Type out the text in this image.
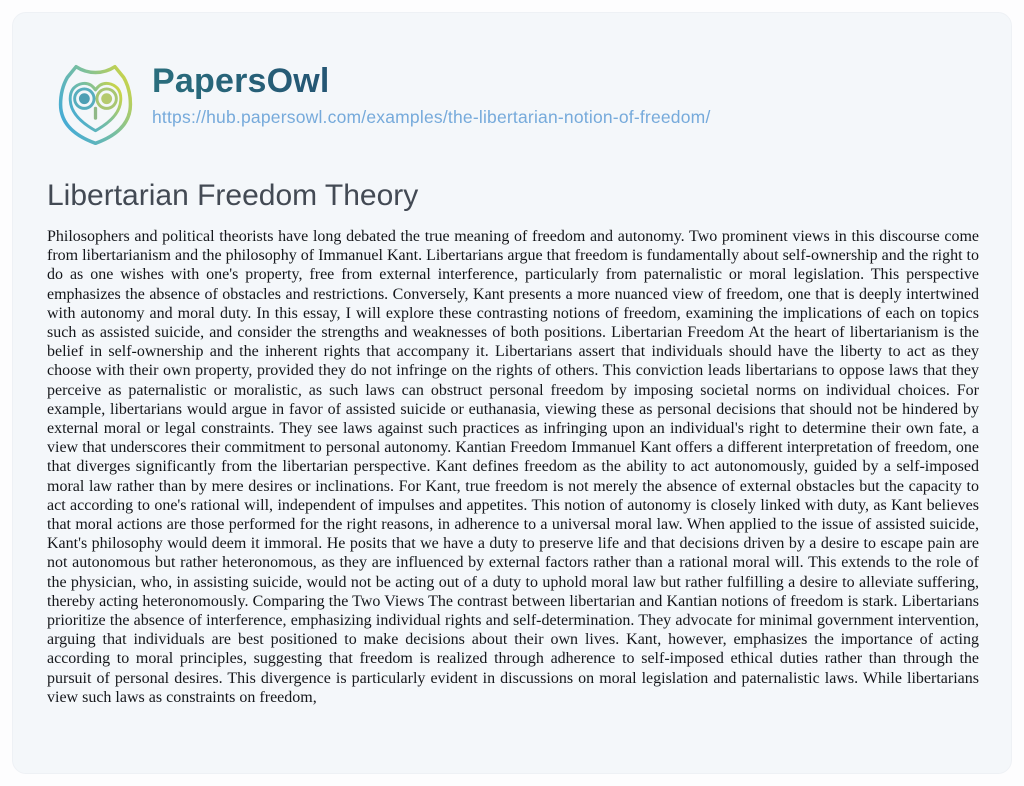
PapersOwl
https://hub.papersowl.com/examples/the-libertarian-notion-of-freedom/
Libertarian Freedom Theory

Philosophers and political theorists have long debated the true meaning of freedom and autonomy. Two prominent views in this discourse come from libertarianism and the philosophy of Immanuel Kant. Libertarians argue that freedom is fundamentally about self-ownership and the right to do as one wishes with one's property, free from external interference, particularly from paternalistic or moral legislation. This perspective emphasizes the absence of obstacles and restrictions. Conversely, Kant presents a more nuanced view of freedom, one that is deeply intertwined with autonomy and moral duty. In this essay, I will explore these contrasting notions of freedom, examining the implications of each on topics such as assisted suicide, and consider the strengths and weaknesses of both positions. Libertarian Freedom At the heart of libertarianism is the belief in self-ownership and the inherent rights that accompany it. Libertarians assert that individuals should have the liberty to act as they choose with their own property, provided they do not infringe on the rights of others. This conviction leads libertarians to oppose laws that they perceive as paternalistic or moralistic, as such laws can obstruct personal freedom by imposing societal norms on individual choices. For example, libertarians would argue in favor of assisted suicide or euthanasia, viewing these as personal decisions that should not be hindered by external moral or legal constraints. They see laws against such practices as infringing upon an individual's right to determine their own fate, a view that underscores their commitment to personal autonomy. Kantian Freedom Immanuel Kant offers a different interpretation of freedom, one that diverges significantly from the libertarian perspective. Kant defines freedom as the ability to act autonomously, guided by a self-imposed moral law rather than by mere desires or inclinations. For Kant, true freedom is not merely the absence of external obstacles but the capacity to act according to one's rational will, independent of impulses and appetites. This notion of autonomy is closely linked with duty, as Kant believes that moral actions are those performed for the right reasons, in adherence to a universal moral law. When applied to the issue of assisted suicide, Kant's philosophy would deem it immoral. He posits that we have a duty to preserve life and that decisions driven by a desire to escape pain are not autonomous but rather heteronomous, as they are influenced by external factors rather than a rational moral will. This extends to the role of the physician, who, in assisting suicide, would not be acting out of a duty to uphold moral law but rather fulfilling a desire to alleviate suffering, thereby acting heteronomously. Comparing the Two Views The contrast between libertarian and Kantian notions of freedom is stark. Libertarians prioritize the absence of interference, emphasizing individual rights and self-determination. They advocate for minimal government intervention, arguing that individuals are best positioned to make decisions about their own lives. Kant, however, emphasizes the importance of acting according to moral principles, suggesting that freedom is realized through adherence to self-imposed ethical duties rather than through the pursuit of personal desires. This divergence is particularly evident in discussions on moral legislation and paternalistic laws. While libertarians view such laws as constraints on freedom,
